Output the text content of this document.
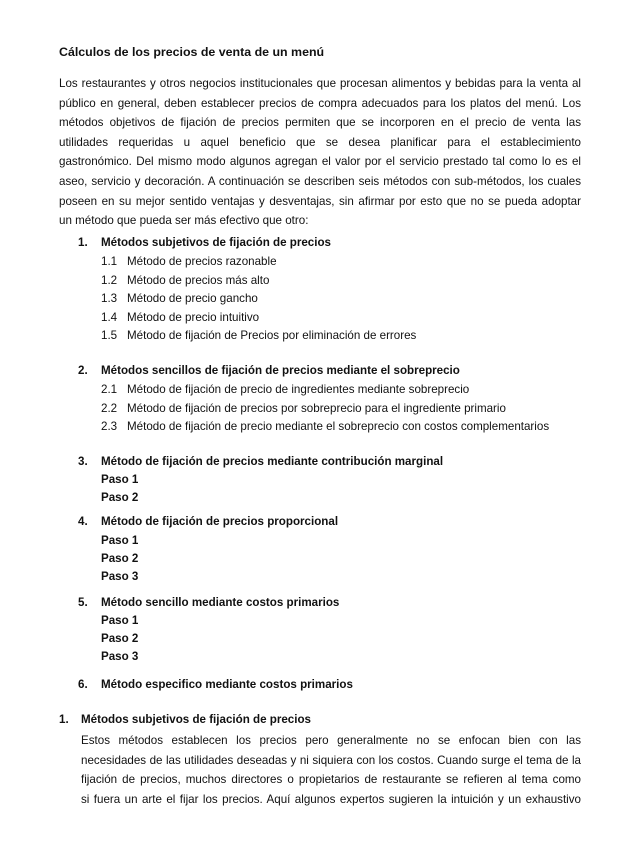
Cálculos de los precios de venta de un menú
Los restaurantes y otros negocios institucionales que procesan alimentos y bebidas para la venta al
público en general, deben establecer precios de compra adecuados para los platos del menú. Los
métodos objetivos de fijación de precios permiten que se incorporen en el precio de venta las
utilidades requeridas u aquel beneficio que se desea planificar para el establecimiento
gastronómico. Del mismo modo algunos agregan el valor por el servicio prestado tal como lo es el
aseo, servicio y decoración. A continuación se describen seis métodos con sub-métodos, los cuales
poseen en su mejor sentido ventajas y desventajas, sin afirmar por esto que no se pueda adoptar
un método que pueda ser más efectivo que otro:
1. Métodos subjetivos de fijación de precios
1.1 Método de precios razonable
1.2 Método de precios más alto
1.3 Método de precio gancho
1.4 Método de precio intuitivo
1.5 Método de fijación de Precios por eliminación de errores
2. Métodos sencillos de fijación de precios mediante el sobreprecio
2.1 Método de fijación de precio de ingredientes mediante sobreprecio
2.2 Método de fijación de precios por sobreprecio para el ingrediente primario
2.3 Método de fijación de precio mediante el sobreprecio con costos complementarios
3. Método de fijación de precios mediante contribución marginal
Paso 1
Paso 2
4. Método de fijación de precios proporcional
Paso 1
Paso 2
Paso 3
5. Método sencillo mediante costos primarios
Paso 1
Paso 2
Paso 3
6. Método especifico mediante costos primarios
1. Métodos subjetivos de fijación de precios
Estos métodos establecen los precios pero generalmente no se enfocan bien con las
necesidades de las utilidades deseadas y ni siquiera con los costos. Cuando surge el tema de la
fijación de precios, muchos directores o propietarios de restaurante se refieren al tema como
si fuera un arte el fijar los precios. Aquí algunos expertos sugieren la intuición y un exhaustivo
